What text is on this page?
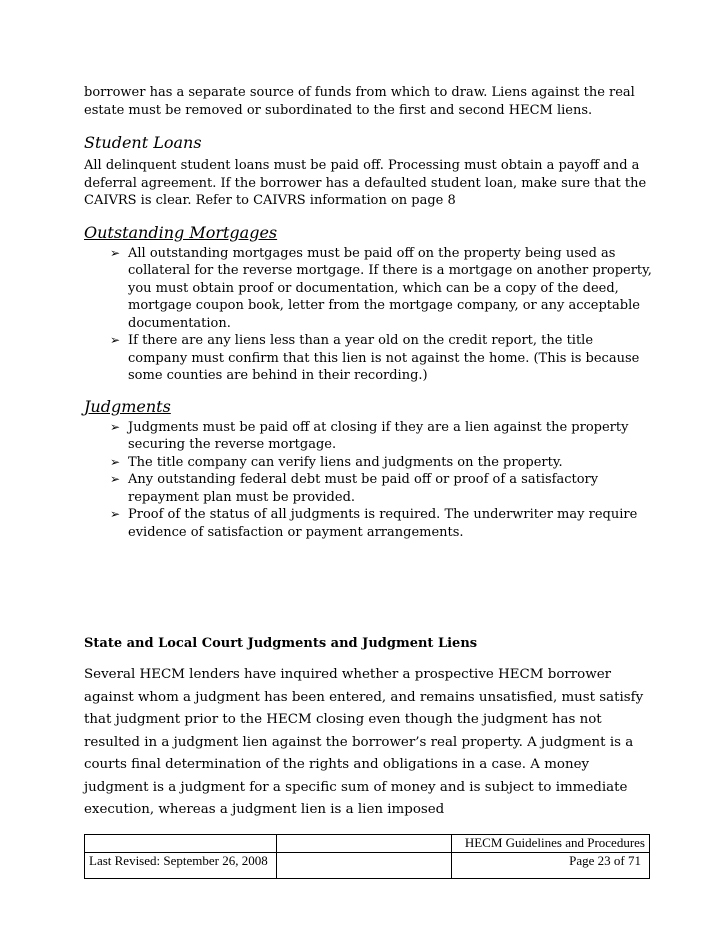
borrower has a separate source of funds from which to draw. Liens against the real estate must be removed or subordinated to the first and second HECM liens.

Student Loans

All delinquent student loans must be paid off. Processing must obtain a payoff and a deferral agreement. If the borrower has a defaulted student loan, make sure that the CAIVRS is clear. Refer to CAIVRS information on page 8

Outstanding Mortgages

➢ All outstanding mortgages must be paid off on the property being used as collateral for the reverse mortgage. If there is a mortgage on another property, you must obtain proof or documentation, which can be a copy of the deed, mortgage coupon book, letter from the mortgage company, or any acceptable documentation.
➢ If there are any liens less than a year old on the credit report, the title company must confirm that this lien is not against the home. (This is because some counties are behind in their recording.)

Judgments

➢ Judgments must be paid off at closing if they are a lien against the property securing the reverse mortgage.
➢ The title company can verify liens and judgments on the property.
➢ Any outstanding federal debt must be paid off or proof of a satisfactory repayment plan must be provided.
➢ Proof of the status of all judgments is required. The underwriter may require evidence of satisfaction or payment arrangements.

State and Local Court Judgments and Judgment Liens

Several HECM lenders have inquired whether a prospective HECM borrower against whom a judgment has been entered, and remains unsatisfied, must satisfy that judgment prior to the HECM closing even though the judgment has not resulted in a judgment lien against the borrower’s real property. A judgment is a courts final determination of the rights and obligations in a case. A money judgment is a judgment for a specific sum of money and is subject to immediate execution, whereas a judgment lien is a lien imposed

		HECM Guidelines and Procedures
Last Revised: September 26, 2008		Page 23 of 71
